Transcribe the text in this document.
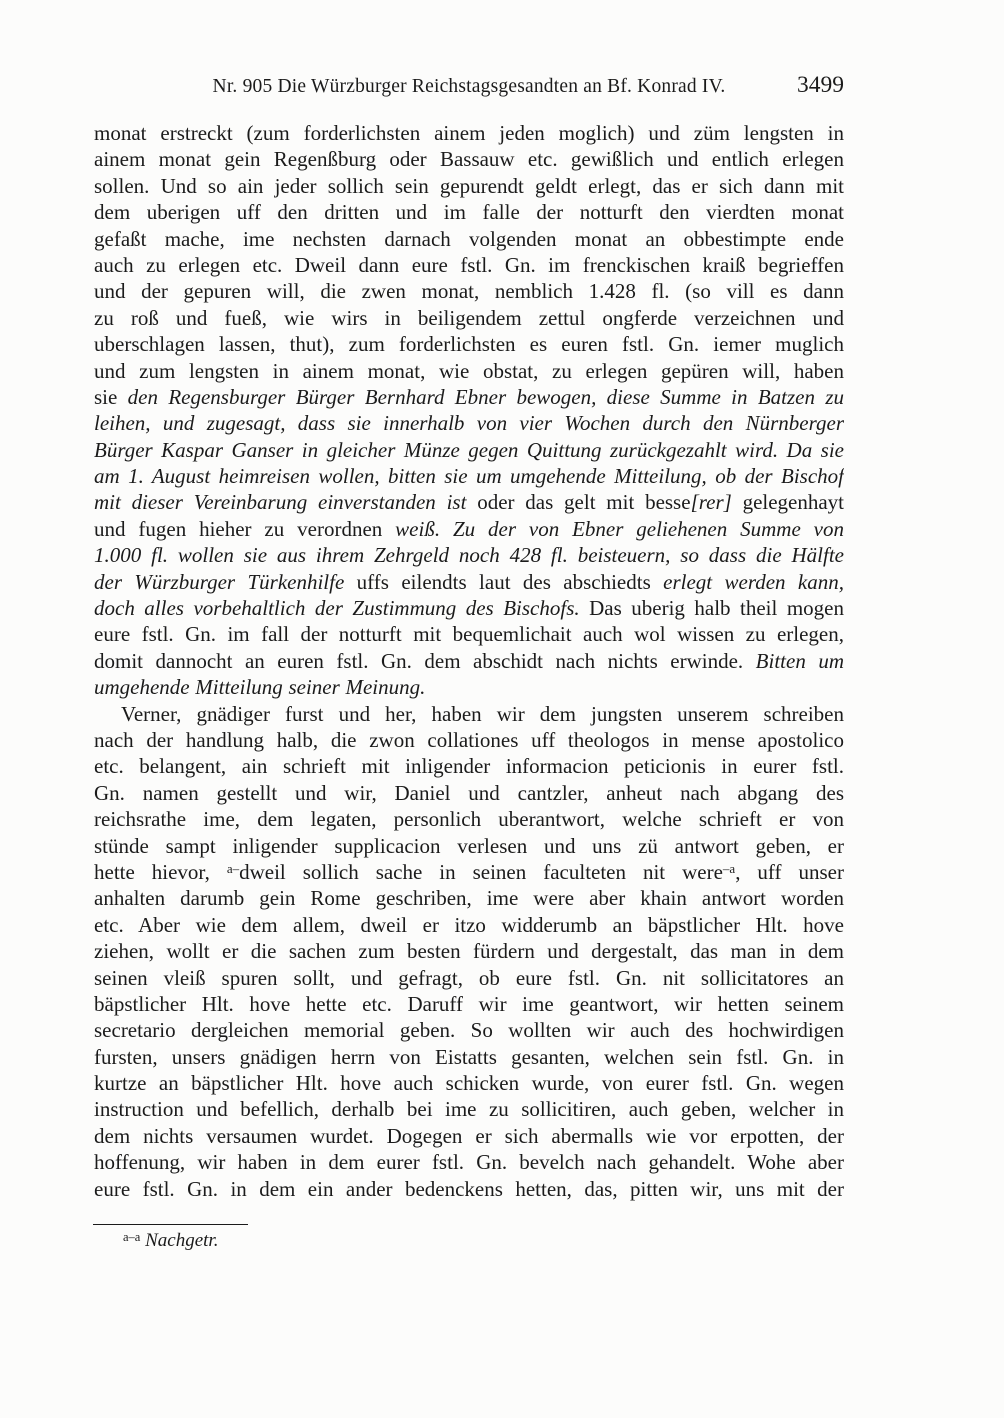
Nr. 905 Die Würzburger Reichstagsgesandten an Bf. Konrad IV.	3499
monat erstreckt (zum forderlichsten ainem jeden moglich) und züm lengsten in
ainem monat gein Regenßburg oder Bassauw etc. gewißlich und entlich erlegen
sollen. Und so ain jeder sollich sein gepurendt geldt erlegt, das er sich dann mit
dem uberigen uff den dritten und im falle der notturft den vierdten monat
gefaßt mache, ime nechsten darnach volgenden monat an obbestimpte ende
auch zu erlegen etc. Dweil dann eure fstl. Gn. im frenckischen kraiß begrieffen
und der gepuren will, die zwen monat, nemblich 1.428 fl. (so vill es dann
zu roß und fueß, wie wirs in beiligendem zettul ongferde verzeichnen und
uberschlagen lassen, thut), zum forderlichsten es euren fstl. Gn. iemer muglich
und zum lengsten in ainem monat, wie obstat, zu erlegen gepüren will, haben
sie den Regensburger Bürger Bernhard Ebner bewogen, diese Summe in Batzen zu
leihen, und zugesagt, dass sie innerhalb von vier Wochen durch den Nürnberger
Bürger Kaspar Ganser in gleicher Münze gegen Quittung zurückgezahlt wird. Da sie
am 1. August heimreisen wollen, bitten sie um umgehende Mitteilung, ob der Bischof
mit dieser Vereinbarung einverstanden ist oder das gelt mit besse[rer] gelegenhayt
und fugen hieher zu verordnen weiß. Zu der von Ebner geliehenen Summe von
1.000 fl. wollen sie aus ihrem Zehrgeld noch 428 fl. beisteuern, so dass die Hälfte
der Würzburger Türkenhilfe uffs eilendts laut des abschiedts erlegt werden kann,
doch alles vorbehaltlich der Zustimmung des Bischofs. Das uberig halb theil mogen
eure fstl. Gn. im fall der notturft mit bequemlichait auch wol wissen zu erlegen,
domit dannocht an euren fstl. Gn. dem abschidt nach nichts erwinde. Bitten um
umgehende Mitteilung seiner Meinung.
Verner, gnädiger furst und her, haben wir dem jungsten unserem schreiben
nach der handlung halb, die zwon collationes uff theologos in mense apostolico
etc. belangent, ain schrieft mit inligender informacion peticionis in eurer fstl.
Gn. namen gestellt und wir, Daniel und cantzler, anheut nach abgang des
reichsrathe ime, dem legaten, personlich uberantwort, welche schrieft er von
stünde sampt inligender supplicacion verlesen und uns zü antwort geben, er
hette hievor, $^{a-}$dweil sollich sache in seinen faculteten nit were$^{-a}$, uff unser
anhalten darumb gein Rome geschriben, ime were aber khain antwort worden
etc. Aber wie dem allem, dweil er itzo widderumb an bäpstlicher Hlt. hove
ziehen, wollt er die sachen zum besten fürdern und dergestalt, das man in dem
seinen vleiß spuren sollt, und gefragt, ob eure fstl. Gn. nit sollicitatores an
bäpstlicher Hlt. hove hette etc. Daruff wir ime geantwort, wir hetten seinem
secretario dergleichen memorial geben. So wollten wir auch des hochwirdigen
fursten, unsers gnädigen herrn von Eistatts gesanten, welchen sein fstl. Gn. in
kurtze an bäpstlicher Hlt. hove auch schicken wurde, von eurer fstl. Gn. wegen
instruction und befellich, derhalb bei ime zu sollicitiren, auch geben, welcher in
dem nichts versaumen wurdet. Dogegen er sich abermalls wie vor erpotten, der
hoffenung, wir haben in dem eurer fstl. Gn. bevelch nach gehandelt. Wohe aber
eure fstl. Gn. in dem ein ander bedenckens hetten, das, pitten wir, uns mit der
$^{a-a}$ Nachgetr.
